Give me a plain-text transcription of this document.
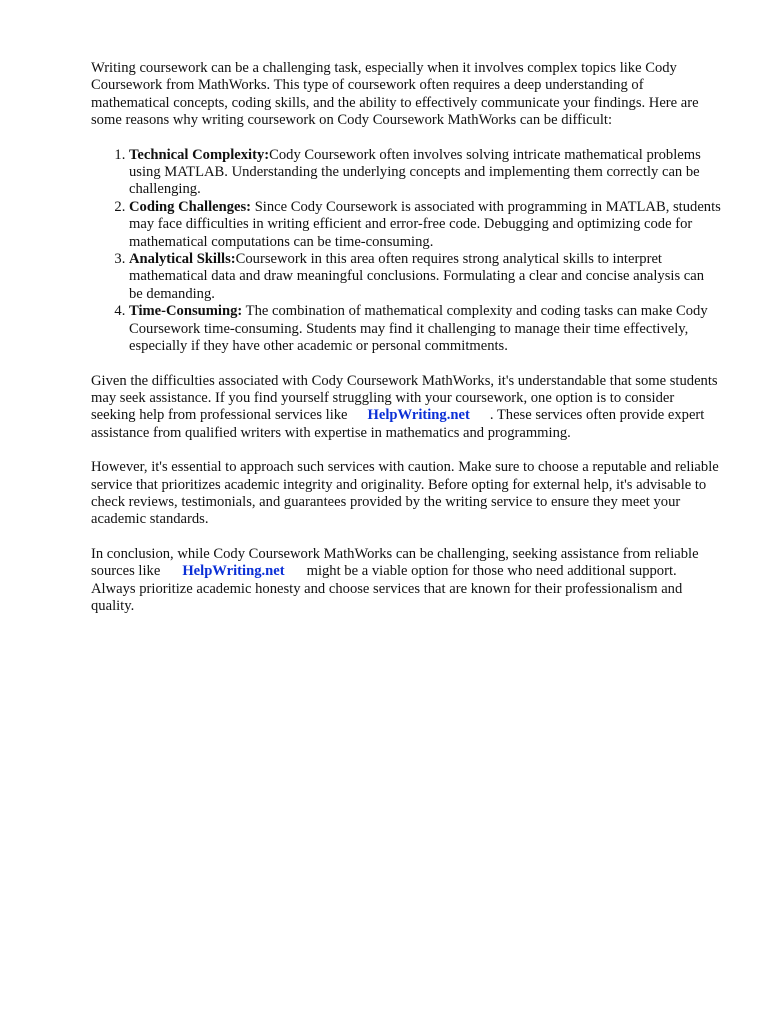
Writing coursework can be a challenging task, especially when it involves complex topics like Cody Coursework from MathWorks. This type of coursework often requires a deep understanding of mathematical concepts, coding skills, and the ability to effectively communicate your findings. Here are some reasons why writing coursework on Cody Coursework MathWorks can be difficult:

1. Technical Complexity:Cody Coursework often involves solving intricate mathematical problems using MATLAB. Understanding the underlying concepts and implementing them correctly can be challenging.
2. Coding Challenges: Since Cody Coursework is associated with programming in MATLAB, students may face difficulties in writing efficient and error-free code. Debugging and optimizing code for mathematical computations can be time-consuming.
3. Analytical Skills:Coursework in this area often requires strong analytical skills to interpret mathematical data and draw meaningful conclusions. Formulating a clear and concise analysis can be demanding.
4. Time-Consuming: The combination of mathematical complexity and coding tasks can make Cody Coursework time-consuming. Students may find it challenging to manage their time effectively, especially if they have other academic or personal commitments.

Given the difficulties associated with Cody Coursework MathWorks, it's understandable that some students may seek assistance. If you find yourself struggling with your coursework, one option is to consider seeking help from professional services like HelpWriting.net . These services often provide expert assistance from qualified writers with expertise in mathematics and programming.

However, it's essential to approach such services with caution. Make sure to choose a reputable and reliable service that prioritizes academic integrity and originality. Before opting for external help, it's advisable to check reviews, testimonials, and guarantees provided by the writing service to ensure they meet your academic standards.

In conclusion, while Cody Coursework MathWorks can be challenging, seeking assistance from reliable sources like HelpWriting.net might be a viable option for those who need additional support. Always prioritize academic honesty and choose services that are known for their professionalism and quality.
